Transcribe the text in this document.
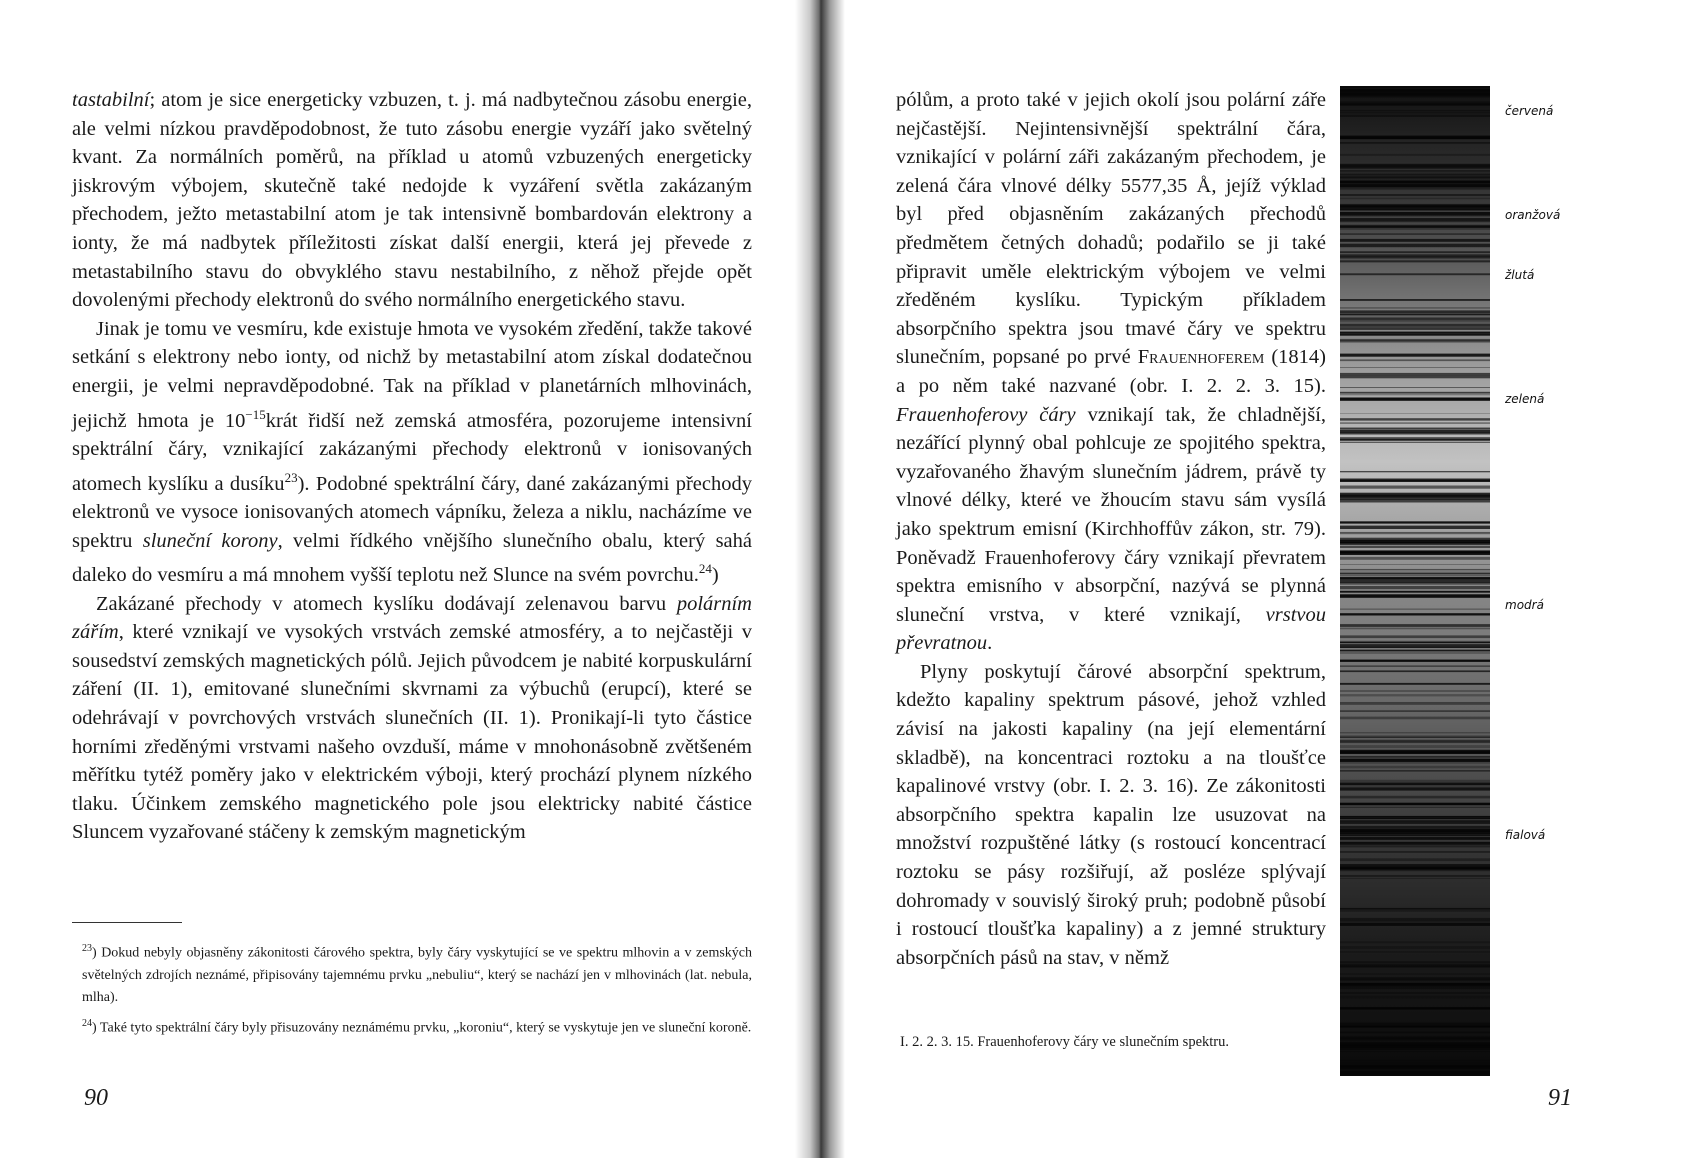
tastabilní; atom je sice energeticky vzbuzen, t. j. má nadbytečnou zásobu energie, ale velmi nízkou pravděpodobnost, že tuto zásobu energie vyzáří jako světelný kvant. Za normálních poměrů, na příklad u atomů vzbuzených energeticky jiskrovým výbojem, skutečně také nedojde k vyzáření světla zakázaným přechodem, ježto metastabilní atom je tak intensivně bombardován elektrony a ionty, že má nadbytek příležitosti získat další energii, která jej převede z metastabilního stavu do obvyklého stavu nestabilního, z něhož přejde opět dovolenými přechody elektronů do svého normálního energetického stavu.

Jinak je tomu ve vesmíru, kde existuje hmota ve vysokém zředění, takže takové setkání s elektrony nebo ionty, od nichž by metastabilní atom získal dodatečnou energii, je velmi nepravděpodobné. Tak na příklad v planetárních mlhovinách, jejichž hmota je $10^{-15}krát$ řidší než zemská atmosféra, pozorujeme intensivní spektrální čáry, vznikající zakázanými přechody elektronů v ionisovaných atomech kyslíku a dusíku$^{23}$). Podobné spektrální čáry, dané zakázanými přechody elektronů ve vysoce ionisovaných atomech vápníku, železa a niklu, nacházíme ve spektru sluneční korony, velmi řídkého vnějšího slunečního obalu, který sahá daleko do vesmíru a má mnohem vyšší teplotu než Slunce na svém povrchu.$^{24}$)

Zakázané přechody v atomech kyslíku dodávají zelenavou barvu polárním zářím, které vznikají ve vysokých vrstvách zemské atmosféry, a to nejčastěji v sousedství zemských magnetických pólů. Jejich původcem je nabité korpuskulární záření (II. 1), emitované slunečními skvrnami za výbuchů (erupcí), které se odehrávají v povrchových vrstvách slunečních (II. 1). Pronikají-li tyto částice horními zředěnými vrstvami našeho ovzduší, máme v mnohonásobně zvětšeném měřítku tytéž poměry jako v elektrickém výboji, který prochází plynem nízkého tlaku. Účinkem zemského magnetického pole jsou elektricky nabité částice Sluncem vyzařované stáčeny k zemským magnetickým

$^{23}$) Dokud nebyly objasněny zákonitosti čárového spektra, byly čáry vyskytující se ve spektru mlhovin a v zemských světelných zdrojích neznámé, připisovány tajemnému prvku „nebuliu“, který se nachází jen v mlhovinách (lat. nebula, mlha).

$^{24}$) Také tyto spektrální čáry byly přisuzovány neznámému prvku, „koroniu“, který se vyskytuje jen ve sluneční koroně.

90

pólům, a proto také v jejich okolí jsou polární záře nejčastější. Nejintensivnější spektrální čára, vznikající v polární záři zakázaným přechodem, je zelená čára vlnové délky 5577,35 Å, jejíž výklad byl před objasněním zakázaných přechodů předmětem četných dohadů; podařilo se ji také připravit uměle elektrickým výbojem ve velmi zředěném kyslíku. Typickým příkladem absorpčního spektra jsou tmavé čáry ve spektru slunečním, popsané po prvé Frauenhoferem (1814) a po něm také nazvané (obr. I. 2. 2. 3. 15). Frauenhoferovy čáry vznikají tak, že chladnější, nezářící plynný obal pohlcuje ze spojitého spektra, vyzařovaného žhavým slunečním jádrem, právě ty vlnové délky, které ve žhoucím stavu sám vysílá jako spektrum emisní (Kirchhoffův zákon, str. 79). Poněvadž Frauenhoferovy čáry vznikají převratem spektra emisního v absorpční, nazývá se plynná sluneční vrstva, v které vznikají, vrstvou převratnou.

Plyny poskytují čárové absorpční spektrum, kdežto kapaliny spektrum pásové, jehož vzhled závisí na jakosti kapaliny (na její elementární skladbě), na koncentraci roztoku a na tloušťce kapalinové vrstvy (obr. I. 2. 3. 16). Ze zákonitosti absorpčního spektra kapalin lze usuzovat na množství rozpuštěné látky (s rostoucí koncentrací roztoku se pásy rozšiřují, až posléze splývají dohromady v souvislý široký pruh; podobně působí i rostoucí tloušťka kapaliny) a z jemné struktury absorpčních pásů na stav, v němž

červená
oranžová
žlutá
zelená
modrá
fialová
I. 2. 2. 3. 15. Frauenhoferovy čáry ve slunečním spektru.
91
